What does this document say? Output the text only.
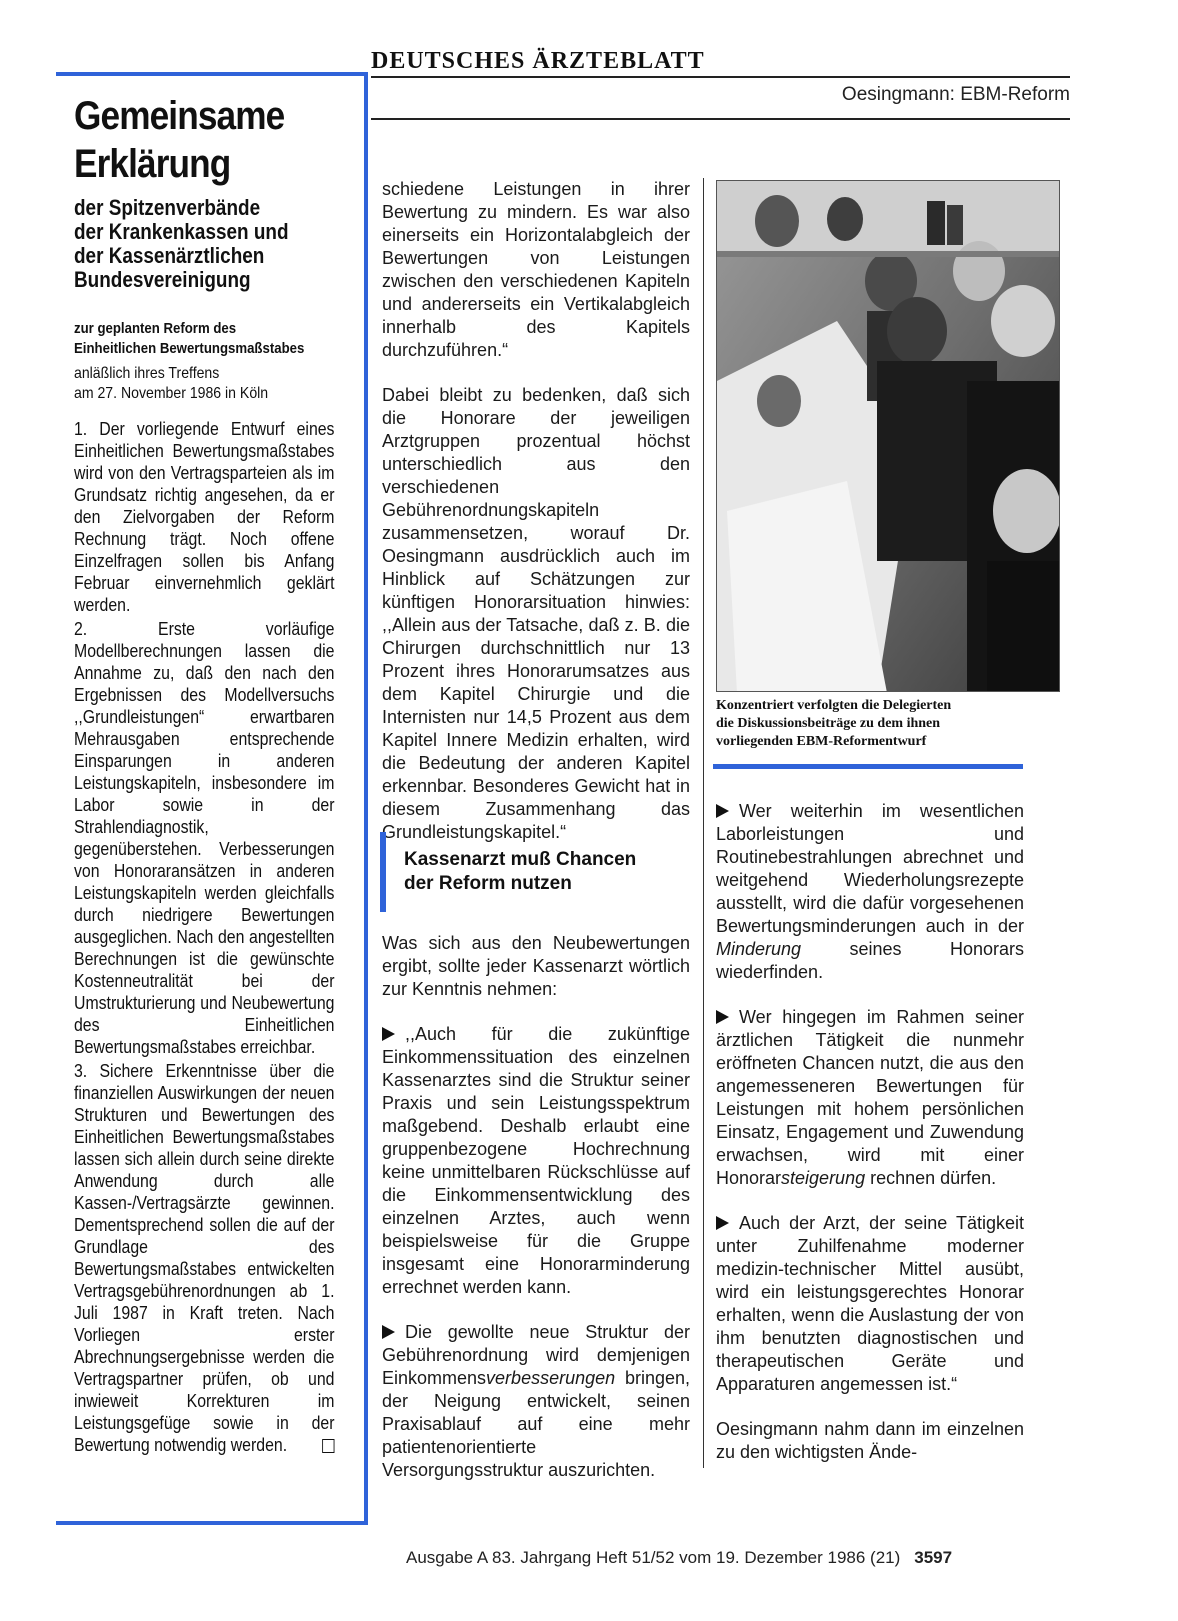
DEUTSCHES ÄRZTEBLATT
Oesingmann: EBM-Reform
Gemeinsame
Erklärung
der Spitzenverbände
der Krankenkassen und
der Kassenärztlichen
Bundesvereinigung
zur geplanten Reform des
Einheitlichen Bewertungsmaßstabes
anläßlich ihres Treffens
am 27. November 1986 in Köln

1. Der vorliegende Entwurf eines Einheitlichen Bewertungsmaßstabes wird von den Vertragsparteien als im Grundsatz richtig angesehen, da er den Zielvorgaben der Reform Rechnung trägt. Noch offene Einzelfragen sollen bis Anfang Februar einvernehmlich geklärt werden.

2. Erste vorläufige Modellberechnungen lassen die Annahme zu, daß den nach den Ergebnissen des Modellversuchs ,,Grundleistungen“ erwartbaren Mehrausgaben entsprechende Einsparungen in anderen Leistungskapiteln, insbesondere im Labor sowie in der Strahlendiagnostik, gegenüberstehen. Verbesserungen von Honoraransätzen in anderen Leistungskapiteln werden gleichfalls durch niedrigere Bewertungen ausgeglichen. Nach den angestellten Berechnungen ist die gewünschte Kostenneutralität bei der Umstrukturierung und Neubewertung des Einheitlichen Bewertungsmaßstabes erreichbar.

3. Sichere Erkenntnisse über die finanziellen Auswirkungen der neuen Strukturen und Bewertungen des Einheitlichen Bewertungsmaßstabes lassen sich allein durch seine direkte Anwendung durch alle Kassen-/Vertragsärzte gewinnen. Dementsprechend sollen die auf der Grundlage des Bewertungsmaßstabes entwickelten Vertragsgebührenordnungen ab 1. Juli 1987 in Kraft treten. Nach Vorliegen erster Abrechnungsergebnisse werden die Vertragspartner prüfen, ob und inwieweit Korrekturen im Leistungsgefüge sowie in der Bewertung notwendig werden.

schiedene Leistungen in ihrer Bewertung zu mindern. Es war also einerseits ein Horizontalabgleich der Bewertungen von Leistungen zwischen den verschiedenen Kapiteln und andererseits ein Vertikalabgleich innerhalb des Kapitels durchzuführen.“

Dabei bleibt zu bedenken, daß sich die Honorare der jeweiligen Arztgruppen prozentual höchst unterschiedlich aus den verschiedenen Gebührenordnungskapiteln zusammensetzen, worauf Dr. Oesingmann ausdrücklich auch im Hinblick auf Schätzungen zur künftigen Honorarsituation hinwies: ,,Allein aus der Tatsache, daß z. B. die Chirurgen durchschnittlich nur 13 Prozent ihres Honorarumsatzes aus dem Kapitel Chirurgie und die Internisten nur 14,5 Prozent aus dem Kapitel Innere Medizin erhalten, wird die Bedeutung der anderen Kapitel erkennbar. Besonderes Gewicht hat in diesem Zusammenhang das Grundleistungskapitel.“

Kassenarzt muß Chancen
der Reform nutzen

Was sich aus den Neubewertungen ergibt, sollte jeder Kassenarzt wörtlich zur Kenntnis nehmen:

,,Auch für die zukünftige Einkommenssituation des einzelnen Kassenarztes sind die Struktur seiner Praxis und sein Leistungsspektrum maßgebend. Deshalb erlaubt eine gruppenbezogene Hochrechnung keine unmittelbaren Rückschlüsse auf die Einkommensentwicklung des einzelnen Arztes, auch wenn beispielsweise für die Gruppe insgesamt eine Honorarminderung errechnet werden kann.

Die gewollte neue Struktur der Gebührenordnung wird demjenigen Einkommensverbesserungen bringen, der Neigung entwickelt, seinen Praxisablauf auf eine mehr patientenorientierte Versorgungsstruktur auszurichten.

Konzentriert verfolgten die Delegierten
die Diskussionsbeiträge zu dem ihnen
vorliegenden EBM-Reformentwurf

Wer weiterhin im wesentlichen Laborleistungen und Routinebestrahlungen abrechnet und weitgehend Wiederholungsrezepte ausstellt, wird die dafür vorgesehenen Bewertungsminderungen auch in der Minderung seines Honorars wiederfinden.

Wer hingegen im Rahmen seiner ärztlichen Tätigkeit die nunmehr eröffneten Chancen nutzt, die aus den angemesseneren Bewertungen für Leistungen mit hohem persönlichen Einsatz, Engagement und Zuwendung erwachsen, wird mit einer Honorarsteigerung rechnen dürfen.

Auch der Arzt, der seine Tätigkeit unter Zuhilfenahme moderner medizin-technischer Mittel ausübt, wird ein leistungsgerechtes Honorar erhalten, wenn die Auslastung der von ihm benutzten diagnostischen und therapeutischen Geräte und Apparaturen angemessen ist.“

Oesingmann nahm dann im einzelnen zu den wichtigsten Ände-

Ausgabe A 83. Jahrgang Heft 51/52 vom 19. Dezember 1986 (21) 3597
